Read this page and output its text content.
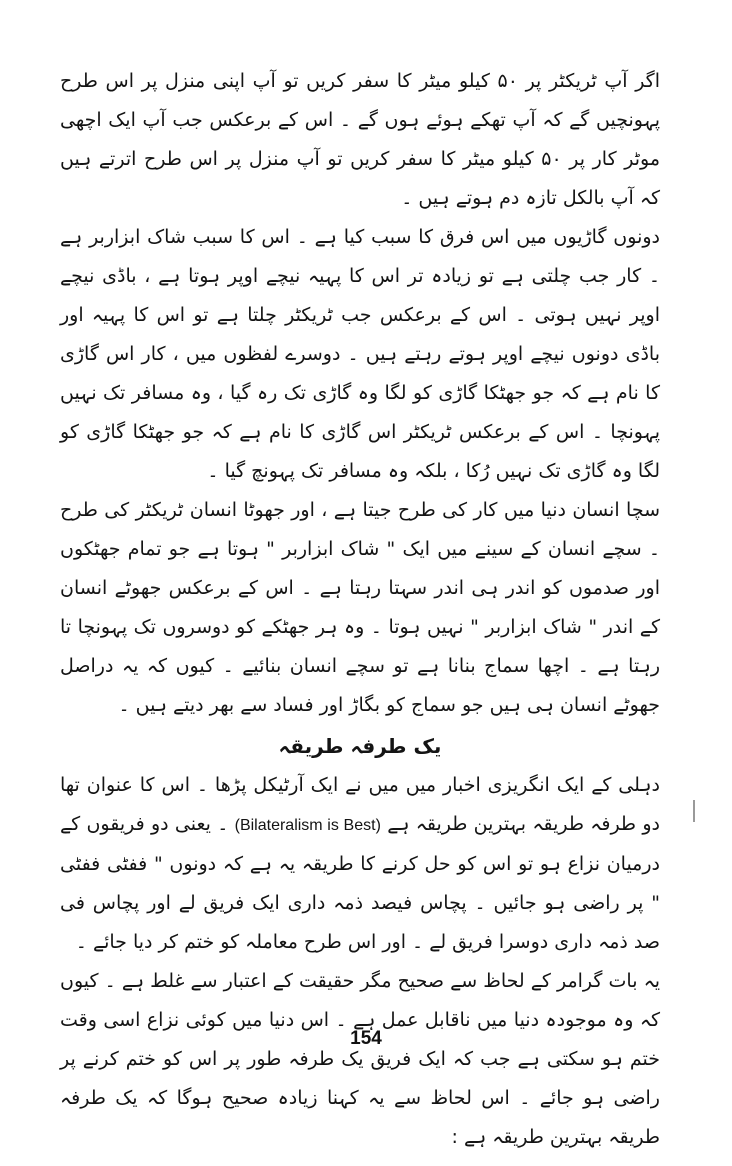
اگر آپ ٹریکٹر پر ۵۰ کیلو میٹر کا سفر کریں تو آپ اپنی منزل پر اس طرح پہونچیں گے کہ آپ تھکے ہوئے ہوں گے ۔ اس کے برعکس جب آپ ایک اچھی موٹر کار پر ۵۰ کیلو میٹر کا سفر کریں تو آپ منزل پر اس طرح اترتے ہیں کہ آپ بالکل تازہ دم ہوتے ہیں ۔

دونوں گاڑیوں میں اس فرق کا سبب کیا ہے ۔ اس کا سبب شاک ابزاربر ہے ۔ کار جب چلتی ہے تو زیادہ تر اس کا پہیہ نیچے اوپر ہوتا ہے ، باڈی نیچے اوپر نہیں ہوتی ۔ اس کے برعکس جب ٹریکٹر چلتا ہے تو اس کا پہیہ اور باڈی دونوں نیچے اوپر ہوتے رہتے ہیں ۔ دوسرے لفظوں میں ، کار اس گاڑی کا نام ہے کہ جو جھٹکا گاڑی کو لگا وہ گاڑی تک رہ گیا ، وہ مسافر تک نہیں پہونچا ۔ اس کے برعکس ٹریکٹر اس گاڑی کا نام ہے کہ جو جھٹکا گاڑی کو لگا وہ گاڑی تک نہیں رُکا ، بلکہ وہ مسافر تک پہونچ گیا ۔

سچا انسان دنیا میں کار کی طرح جیتا ہے ، اور جھوٹا انسان ٹریکٹر کی طرح ۔ سچے انسان کے سینے میں ایک " شاک ابزاربر " ہوتا ہے جو تمام جھٹکوں اور صدموں کو اندر ہی اندر سہتا رہتا ہے ۔ اس کے برعکس جھوٹے انسان کے اندر " شاک ابزاربر " نہیں ہوتا ۔ وہ ہر جھٹکے کو دوسروں تک پہونچا تا رہتا ہے ۔ اچھا سماج بنانا ہے تو سچے انسان بنائیے ۔ کیوں کہ یہ دراصل جھوٹے انسان ہی ہیں جو سماج کو بگاڑ اور فساد سے بھر دیتے ہیں ۔

یک طرفہ طریقہ

دہلی کے ایک انگریزی اخبار میں میں نے ایک آرٹیکل پڑھا ۔ اس کا عنوان تھا دو طرفہ طریقہ بہترین طریقہ ہے (Bilateralism is Best) ۔ یعنی دو فریقوں کے درمیان نزاع ہو تو اس کو حل کرنے کا طریقہ یہ ہے کہ دونوں " ففٹی ففٹی " پر راضی ہو جائیں ۔ پچاس فیصد ذمہ داری ایک فریق لے اور پچاس فی صد ذمہ داری دوسرا فریق لے ۔ اور اس طرح معاملہ کو ختم کر دیا جائے ۔

یہ بات گرامر کے لحاظ سے صحیح مگر حقیقت کے اعتبار سے غلط ہے ۔ کیوں کہ وہ موجودہ دنیا میں ناقابل عمل ہے ۔ اس دنیا میں کوئی نزاع اسی وقت ختم ہو سکتی ہے جب کہ ایک فریق یک طرفہ طور پر اس کو ختم کرنے پر راضی ہو جائے ۔ اس لحاظ سے یہ کہنا زیادہ صحیح ہوگا کہ یک طرفہ طریقہ بہترین طریقہ ہے :

154
